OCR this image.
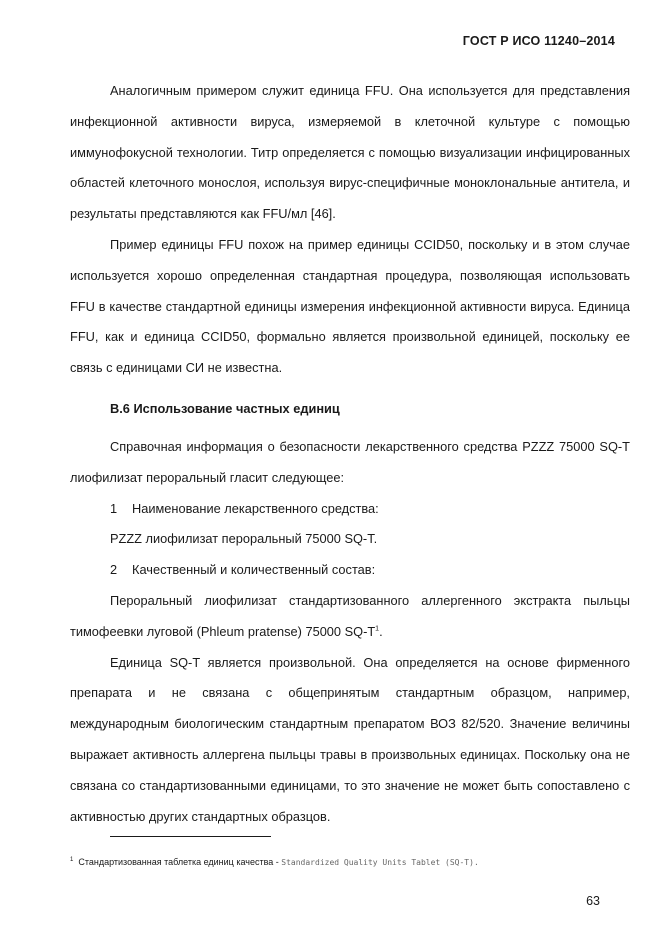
ГОСТ Р ИСО 11240–2014

Аналогичным примером служит единица FFU. Она используется для представления инфекционной активности вируса, измеряемой в клеточной культуре с помощью иммунофокусной технологии. Титр определяется с помощью визуализации инфицированных областей клеточного монослоя, используя вирус-специфичные моноклональные антитела, и результаты представляются как FFU/мл [46].

Пример единицы FFU похож на пример единицы CCID50, поскольку и в этом случае используется хорошо определенная стандартная процедура, позволяющая использовать FFU в качестве стандартной единицы измерения инфекционной активности вируса. Единица FFU, как и единица CCID50, формально является произвольной единицей, поскольку ее связь с единицами СИ не известна.

В.6 Использование частных единиц

Справочная информация о безопасности лекарственного средства PZZZ 75000 SQ-T лиофилизат пероральный гласит следующее:

1 Наименование лекарственного средства:

PZZZ лиофилизат пероральный 75000 SQ-T.

2 Качественный и количественный состав:

Пероральный лиофилизат стандартизованного аллергенного экстракта пыльцы тимофеевки луговой (Phleum pratense) 75000 $SQ-T^1$.

Единица SQ-T является произвольной. Она определяется на основе фирменного препарата и не связана с общепринятым стандартным образцом, например, международным биологическим стандартным препаратом ВОЗ 82/520. Значение величины выражает активность аллергена пыльцы травы в произвольных единицах. Поскольку она не связана со стандартизованными единицами, то это значение не может быть сопоставлено с активностью других стандартных образцов.

$^1$ Стандартизованная таблетка единиц качества - Standardized Quality Units Tablet (SQ-T).
63
